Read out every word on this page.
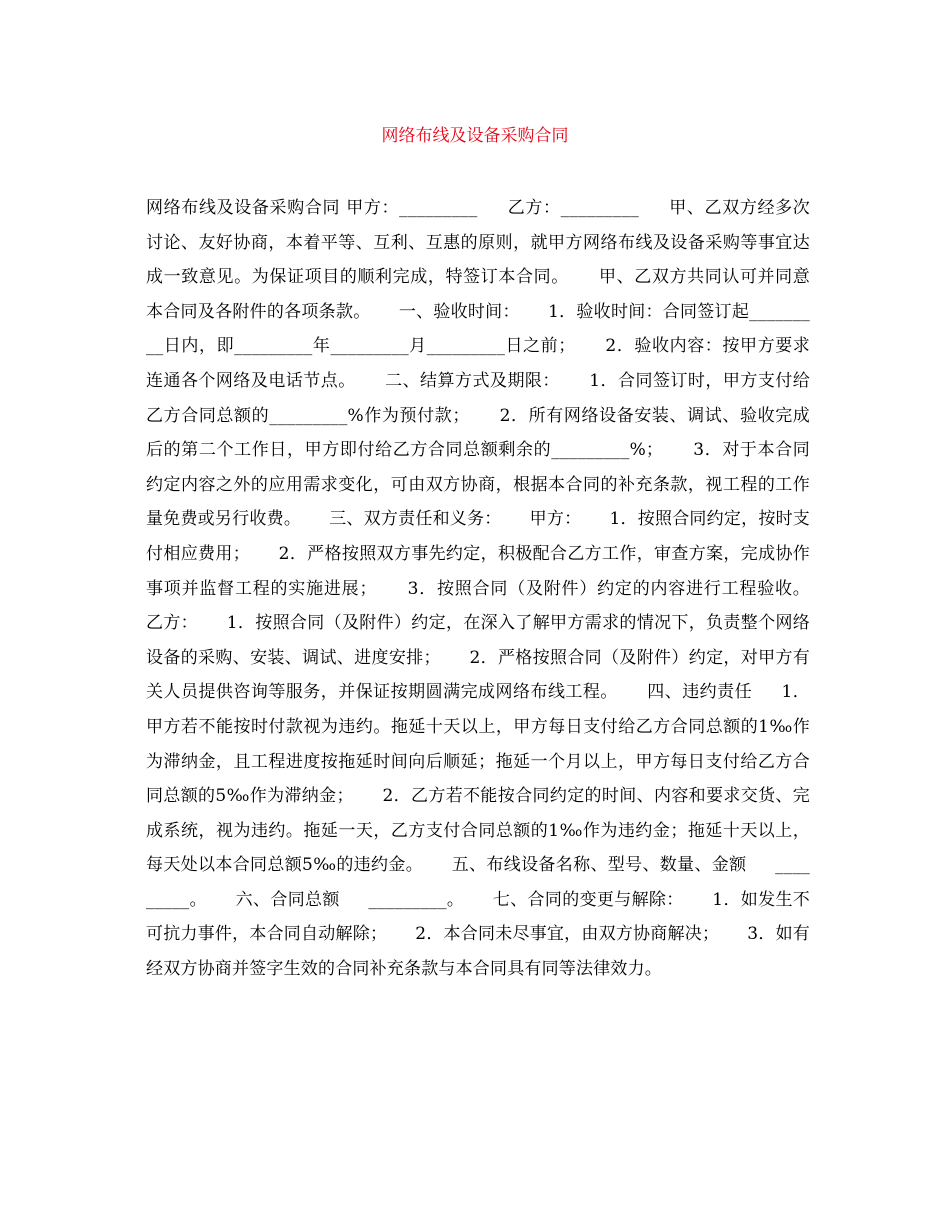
网络布线及设备采购合同

网络布线及设备采购合同 甲方：_________     乙方：_________     甲、乙双方经多次讨论、友好协商，本着平等、互利、互惠的原则，就甲方网络布线及设备采购等事宜达成一致意见。为保证项目的顺利完成，特签订本合同。     甲、乙双方共同认可并同意本合同及各附件的各项条款。     一、验收时间：     1．验收时间：合同签订起_________日内，即_________年_________月_________日之前；     2．验收内容：按甲方要求连通各个网络及电话节点。     二、结算方式及期限：     1．合同签订时，甲方支付给乙方合同总额的_________%作为预付款；     2．所有网络设备安装、调试、验收完成后的第二个工作日，甲方即付给乙方合同总额剩余的_________%；     3．对于本合同约定内容之外的应用需求变化，可由双方协商，根据本合同的补充条款，视工程的工作量免费或另行收费。     三、双方责任和义务：     甲方：     1．按照合同约定，按时支付相应费用；     2．严格按照双方事先约定，积极配合乙方工作，审查方案，完成协作事项并监督工程的实施进展；     3．按照合同（及附件）约定的内容进行工程验收。     乙方：     1．按照合同（及附件）约定，在深入了解甲方需求的情况下，负责整个网络设备的采购、安装、调试、进度安排；     2．严格按照合同（及附件）约定，对甲方有关人员提供咨询等服务，并保证按期圆满完成网络布线工程。     四、违约责任     1．甲方若不能按时付款视为违约。拖延十天以上，甲方每日支付给乙方合同总额的1‰作为滞纳金，且工程进度按拖延时间向后顺延；拖延一个月以上，甲方每日支付给乙方合同总额的5‰作为滞纳金；     2．乙方若不能按合同约定的时间、内容和要求交货、完成系统，视为违约。拖延一天，乙方支付合同总额的1‰作为违约金；拖延十天以上，每天处以本合同总额5‰的违约金。     五、布线设备名称、型号、数量、金额     _________。     六、合同总额     _________。     七、合同的变更与解除：     1．如发生不可抗力事件，本合同自动解除；     2．本合同未尽事宜，由双方协商解决；     3．如有经双方协商并签字生效的合同补充条款与本合同具有同等法律效力。
